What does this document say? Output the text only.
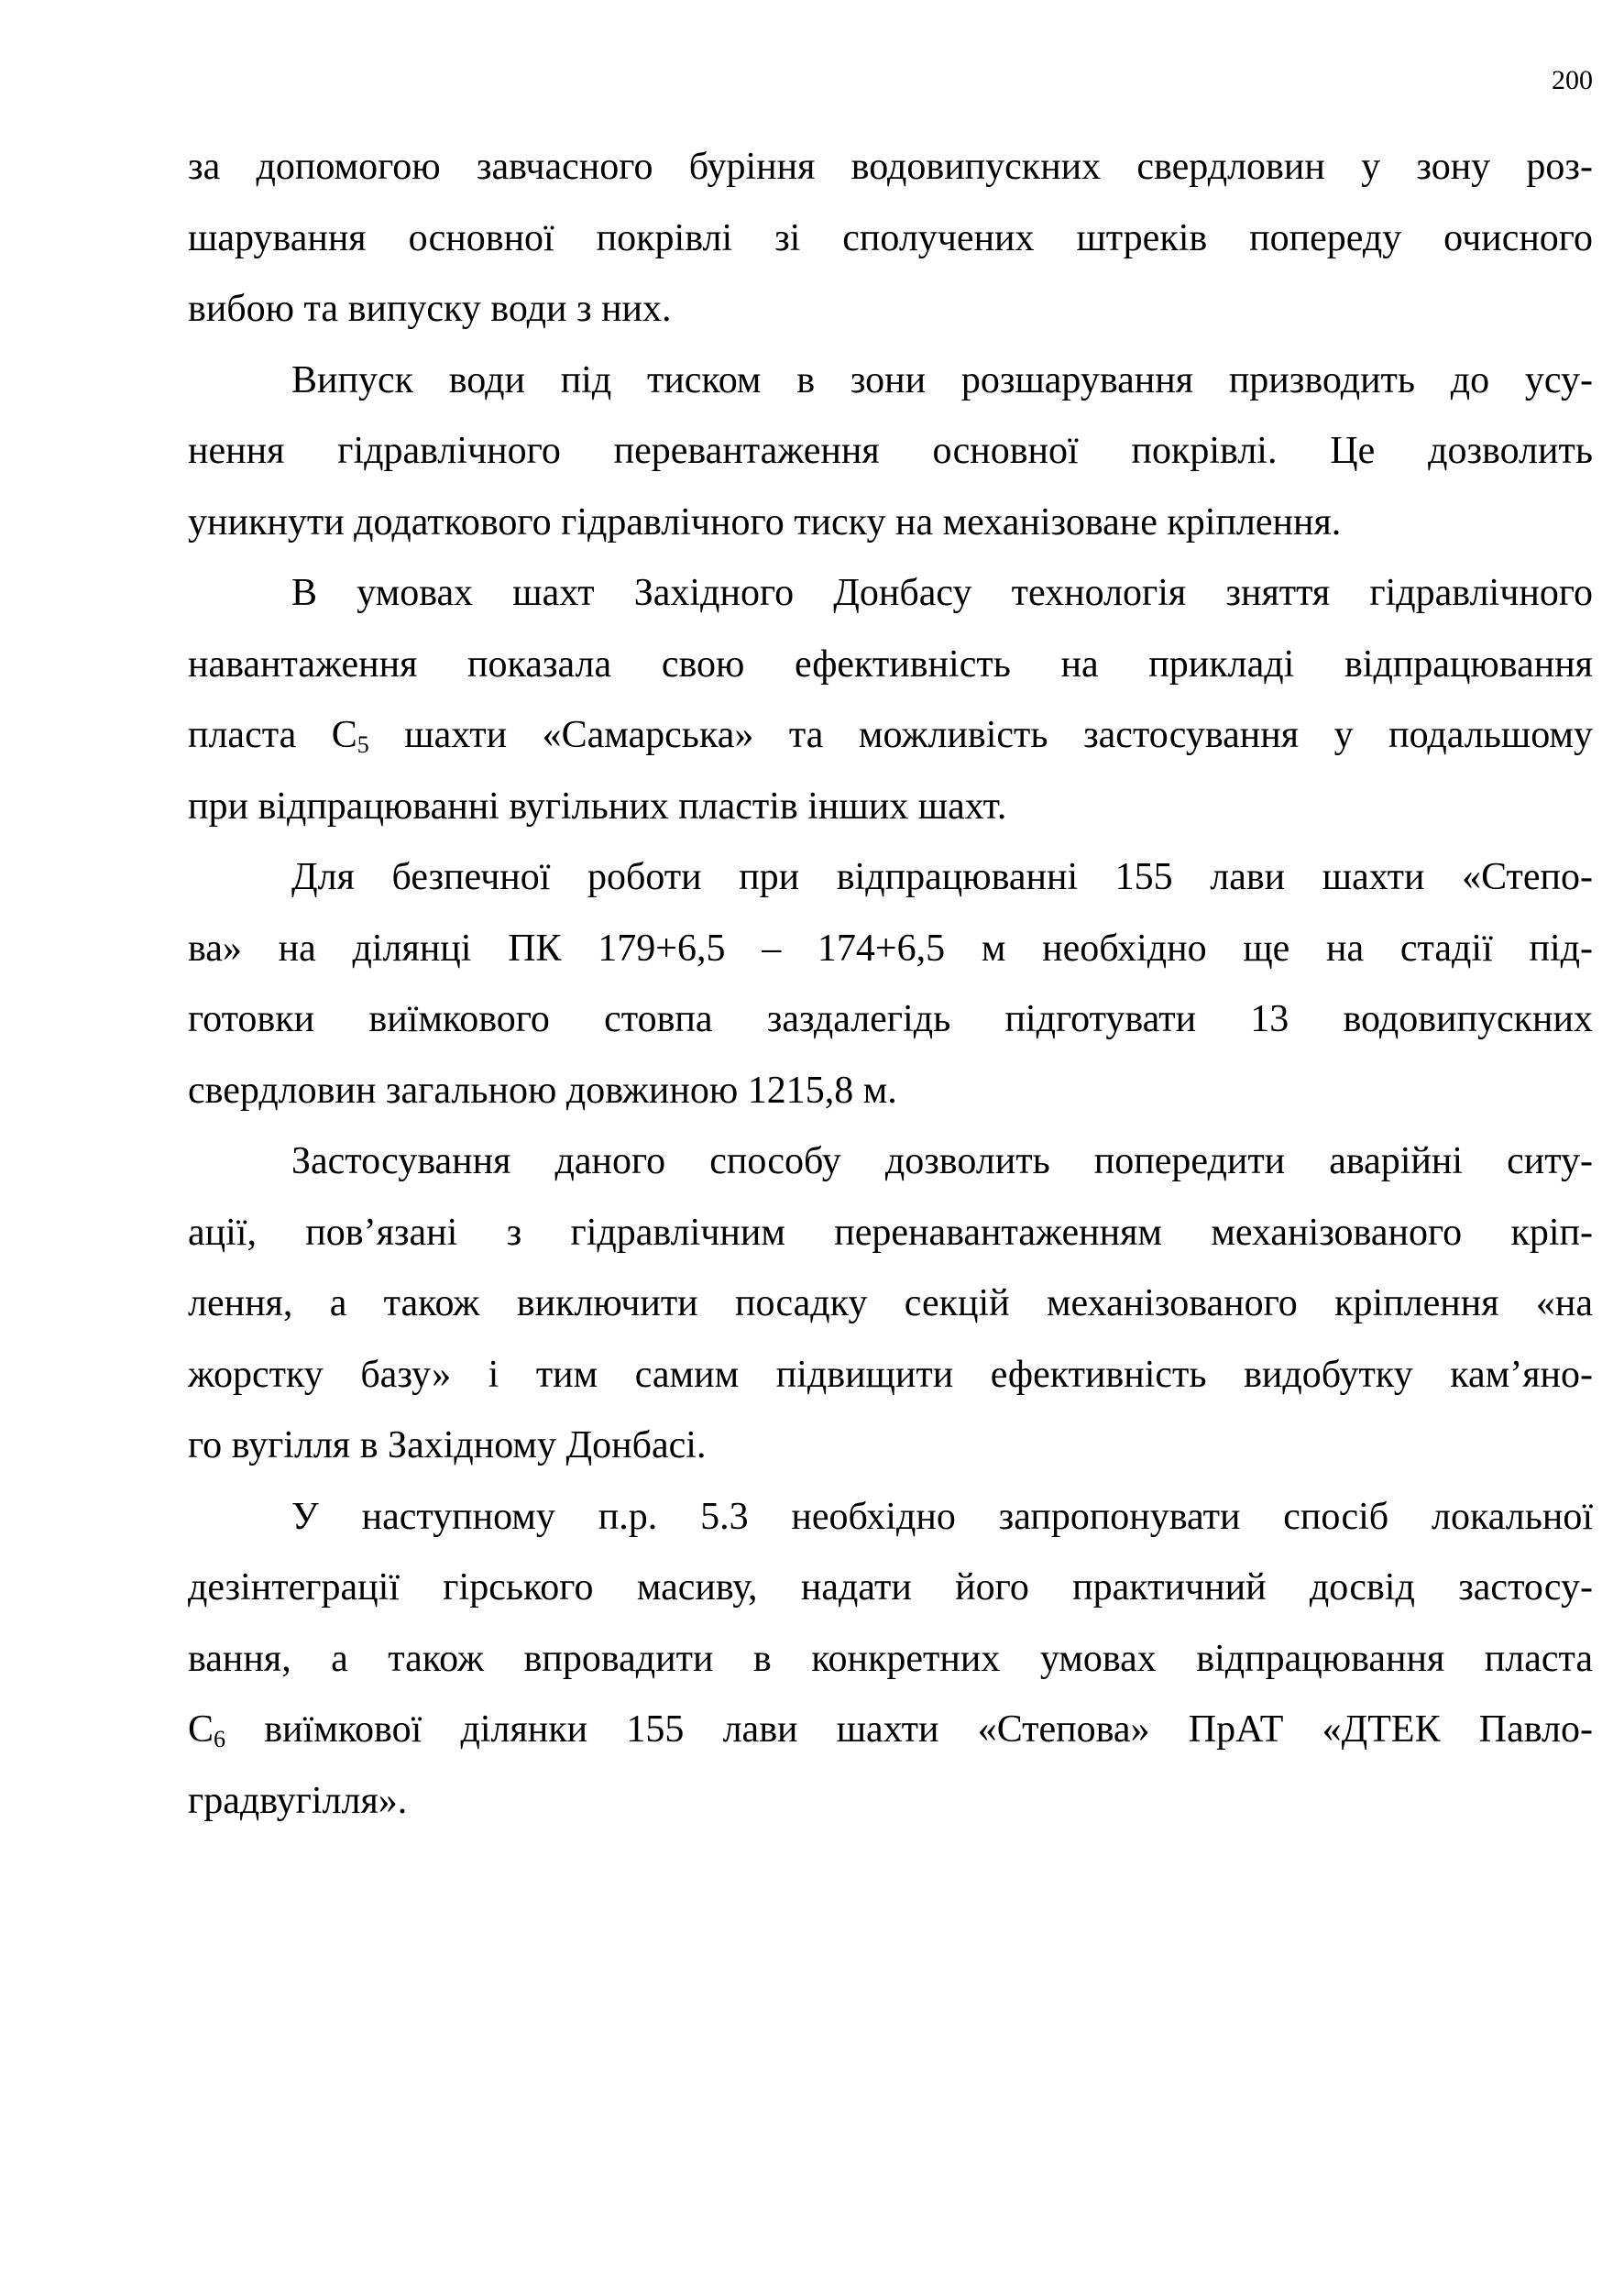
200
за допомогою завчасного буріння водовипускних свердловин у зону роз-
шарування основної покрівлі зі сполучених штреків попереду очисного
вибою та випуску води з них.
Випуск води під тиском в зони розшарування призводить до усу-
нення гідравлічного перевантаження основної покрівлі. Це дозволить
уникнути додаткового гідравлічного тиску на механізоване кріплення.
В умовах шахт Західного Донбасу технологія зняття гідравлічного
навантаження показала свою ефективність на прикладі відпрацювання
пласта $С_5$ шахти «Самарська» та можливість застосування у подальшому
при відпрацюванні вугільних пластів інших шахт.
Для безпечної роботи при відпрацюванні 155 лави шахти «Степо-
ва» на ділянці ПК 179+6,5 – 174+6,5 м необхідно ще на стадії під-
готовки виїмкового стовпа заздалегідь підготувати 13 водовипускних
свердловин загальною довжиною 1215,8 м.
Застосування даного способу дозволить попередити аварійні ситу-
ації, пов’язані з гідравлічним перенавантаженням механізованого кріп-
лення, а також виключити посадку секцій механізованого кріплення «на
жорстку базу» і тим самим підвищити ефективність видобутку кам’яно-
го вугілля в Західному Донбасі.
У наступному п.р. 5.3 необхідно запропонувати спосіб локальної
дезінтеграції гірського масиву, надати його практичний досвід застосу-
вання, а також впровадити в конкретних умовах відпрацювання пласта
$С_6$ виїмкової ділянки 155 лави шахти «Степова» ПрАТ «ДТЕК Павло-
градвугілля».
